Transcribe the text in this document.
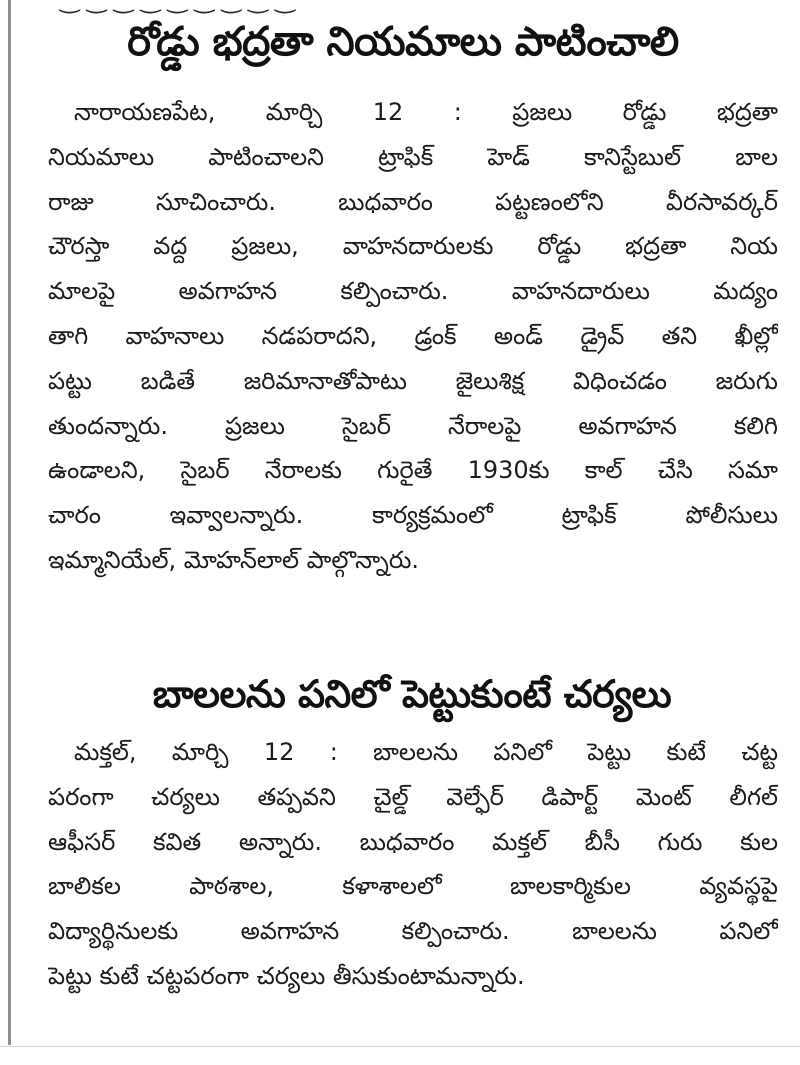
‿ ‿ ‿ ‿ ‿ ‿ ‿ ‿ ‿
రోడ్డు భద్రతా నియమాలు పాటించాలి
నారాయణపేట, మార్చి 12 : ప్రజలు రోడ్డు భద్రతా
నియమాలు పాటించాలని ట్రాఫిక్ హెడ్ కానిస్టేబుల్ బాల
రాజు సూచించారు. బుధవారం పట్టణంలోని వీరసావర్కర్
చౌరస్తా వద్ద ప్రజలు, వాహనదారులకు రోడ్డు భద్రతా నియ
మాలపై అవగాహన కల్పించారు. వాహనదారులు మద్యం
తాగి వాహనాలు నడపరాదని, డ్రంక్ అండ్ డ్రైవ్ తని ఖీల్లో
పట్టు బడితే జరిమానాతోపాటు జైలుశిక్ష విధించడం జరుగు
తుందన్నారు. ప్రజలు సైబర్ నేరాలపై అవగాహన కలిగి
ఉండాలని, సైబర్ నేరాలకు గురైతే 1930కు కాల్ చేసి సమా
చారం ఇవ్వాలన్నారు. కార్యక్రమంలో ట్రాఫిక్ పోలీసులు
ఇమ్మానియేల్, మోహన్‌లాల్ పాల్గొన్నారు.
బాలలను పనిలో పెట్టుకుంటే చర్యలు
మక్తల్, మార్చి 12 : బాలలను పనిలో పెట్టు కుటే చట్ట
పరంగా చర్యలు తప్పవని చైల్డ్ వెల్ఫేర్ డిపార్ట్ మెంట్ లీగల్
ఆఫీసర్ కవిత అన్నారు. బుధవారం మక్తల్ బీసీ గురు కుల
బాలికల పాఠశాల, కళాశాలలో బాలకార్మికుల వ్యవస్థపై
విద్యార్థినులకు అవగాహన కల్పించారు. బాలలను పనిలో
పెట్టు కుటే చట్టపరంగా చర్యలు తీసుకుంటామన్నారు.
